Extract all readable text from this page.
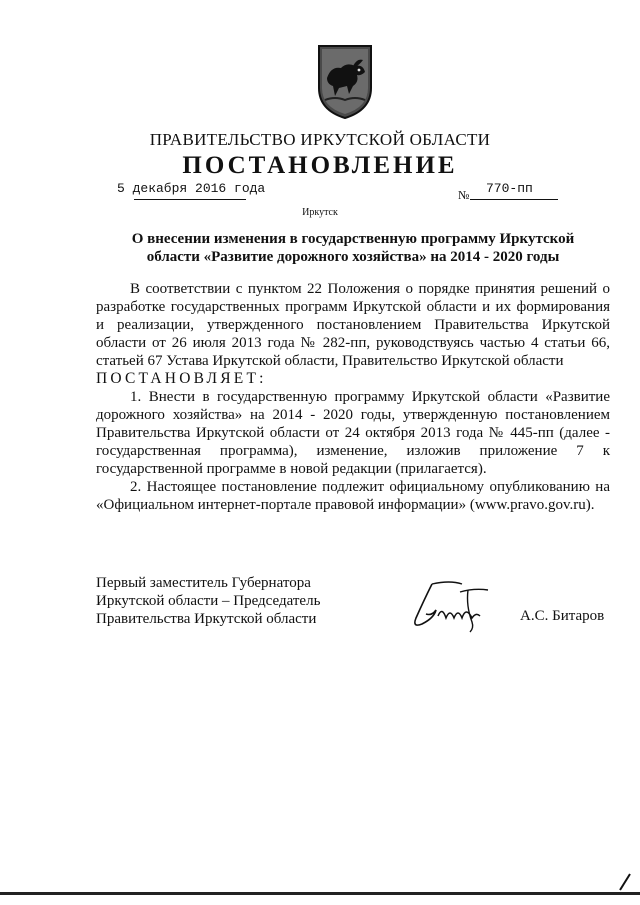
ПРАВИТЕЛЬСТВО ИРКУТСКОЙ ОБЛАСТИ
ПОСТАНОВЛЕНИЕ
5 декабря 2016 года	№ 770-пп
Иркутск
О внесении изменения в государственную программу Иркутской
области «Развитие дорожного хозяйства» на 2014 - 2020 годы

В соответствии с пунктом 22 Положения о порядке принятия решений о разработке государственных программ Иркутской области и их формирования и реализации, утвержденного постановлением Правительства Иркутской области от 26 июля 2013 года № 282-пп, руководствуясь частью 4 статьи 66, статьей 67 Устава Иркутской области, Правительство Иркутской области

ПОСТАНОВЛЯЕТ:

1. Внести в государственную программу Иркутской области «Развитие дорожного хозяйства» на 2014 - 2020 годы, утвержденную постановлением Правительства Иркутской области от 24 октября 2013 года № 445-пп (далее - государственная программа), изменение, изложив приложение 7 к государственной программе в новой редакции (прилагается).

2. Настоящее постановление подлежит официальному опубликованию на «Официальном интернет-портале правовой информации» (www.pravo.gov.ru).

Первый заместитель Губернатора
Иркутской области – Председатель
Правительства Иркутской области	А.С. Битаров
